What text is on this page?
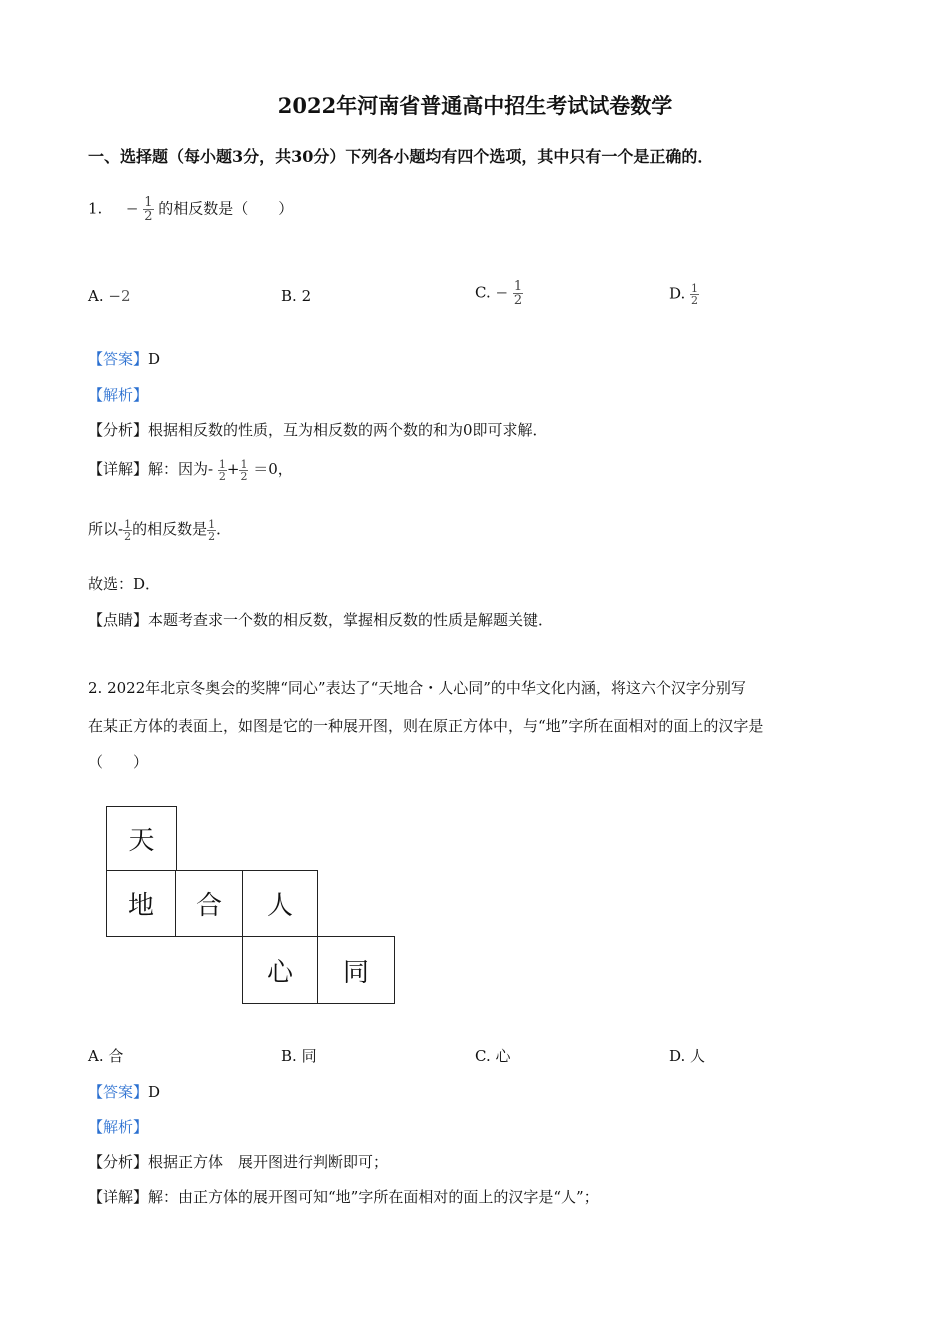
2022年河南省普通高中招生考试试卷数学
一、选择题（每小题3分，共30分）下列各小题均有四个选项，其中只有一个是正确的．
1. − $\frac{1}{2}$ 的相反数是（　　）
A. −2	B. 2	C. − $\frac{1}{2}$	D. $\frac{1}{2}$
【答案】D
【解析】
【分析】根据相反数的性质，互为相反数的两个数的和为0即可求解．
【详解】解：因为- $\frac{1}{2} + \frac{1}{2} =0$，
所以- $\frac{1}{2}$ 的相反数是 $\frac{1}{2}$ ．
故选：D．
【点睛】本题考查求一个数的相反数，掌握相反数的性质是解题关键．
2. 2022年北京冬奥会的奖牌“同心”表达了“天地合・人心同”的中华文化内涵，将这六个汉字分别写
在某正方体的表面上，如图是它的一种展开图，则在原正方体中，与“地”字所在面相对的面上的汉字是
（　　）
天
地	合	人
心	同
A. 合	B. 同	C. 心	D. 人
【答案】D
【解析】
【分析】根据正方体　展开图进行判断即可；
【详解】解：由正方体的展开图可知“地”字所在面相对的面上的汉字是“人”；
